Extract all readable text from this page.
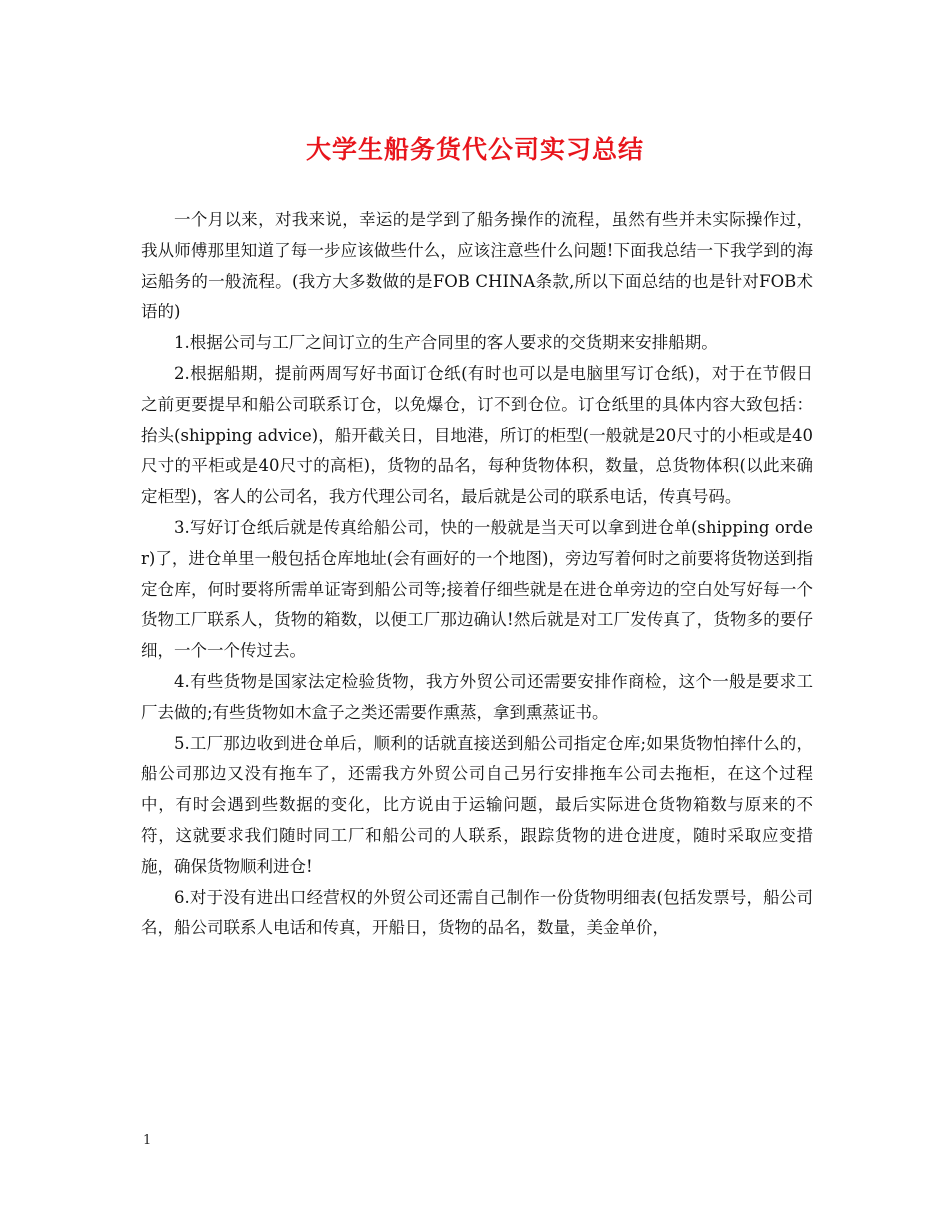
大学生船务货代公司实习总结

一个月以来，对我来说，幸运的是学到了船务操作的流程，虽然有些并未实际操作过，我从师傅那里知道了每一步应该做些什么，应该注意些什么问题!下面我总结一下我学到的海运船务的一般流程。(我方大多数做的是FOB CHINA条款,所以下面总结的也是针对FOB术语的)

1.根据公司与工厂之间订立的生产合同里的客人要求的交货期来安排船期。

2.根据船期，提前两周写好书面订仓纸(有时也可以是电脑里写订仓纸)，对于在节假日之前更要提早和船公司联系订仓，以免爆仓，订不到仓位。订仓纸里的具体内容大致包括：抬头(shipping advice)，船开截关日，目地港，所订的柜型(一般就是20尺寸的小柜或是40尺寸的平柜或是40尺寸的高柜)，货物的品名，每种货物体积，数量，总货物体积(以此来确定柜型)，客人的公司名，我方代理公司名，最后就是公司的联系电话，传真号码。

3.写好订仓纸后就是传真给船公司，快的一般就是当天可以拿到进仓单(shipping order)了，进仓单里一般包括仓库地址(会有画好的一个地图)，旁边写着何时之前要将货物送到指定仓库，何时要将所需单证寄到船公司等;接着仔细些就是在进仓单旁边的空白处写好每一个货物工厂联系人，货物的箱数，以便工厂那边确认!然后就是对工厂发传真了，货物多的要仔细，一个一个传过去。

4.有些货物是国家法定检验货物，我方外贸公司还需要安排作商检，这个一般是要求工厂去做的;有些货物如木盒子之类还需要作熏蒸，拿到熏蒸证书。

5.工厂那边收到进仓单后，顺利的话就直接送到船公司指定仓库;如果货物怕摔什么的，船公司那边又没有拖车了，还需我方外贸公司自己另行安排拖车公司去拖柜，在这个过程中，有时会遇到些数据的变化，比方说由于运输问题，最后实际进仓货物箱数与原来的不符，这就要求我们随时同工厂和船公司的人联系，跟踪货物的进仓进度，随时采取应变措施，确保货物顺利进仓!

6.对于没有进出口经营权的外贸公司还需自己制作一份货物明细表(包括发票号，船公司名，船公司联系人电话和传真，开船日，货物的品名，数量，美金单价，

1
